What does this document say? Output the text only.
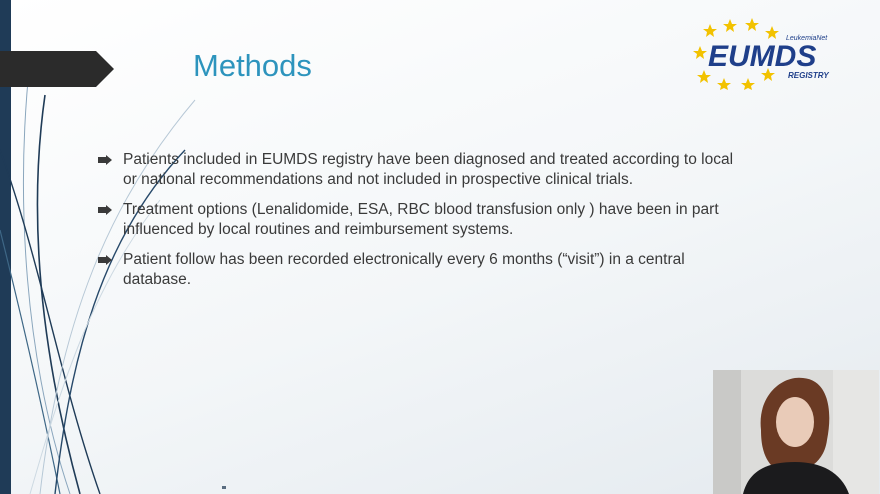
Methods
LeukemiaNet
EUMDS
REGISTRY
Patients included in EUMDS registry have been diagnosed and treated according to local or national recommendations and not included in prospective clinical trials.
Treatment options (Lenalidomide, ESA, RBC blood transfusion only ) have been in part influenced by local routines and reimbursement systems.
Patient follow has been recorded electronically every 6 months (“visit”) in a central database.
